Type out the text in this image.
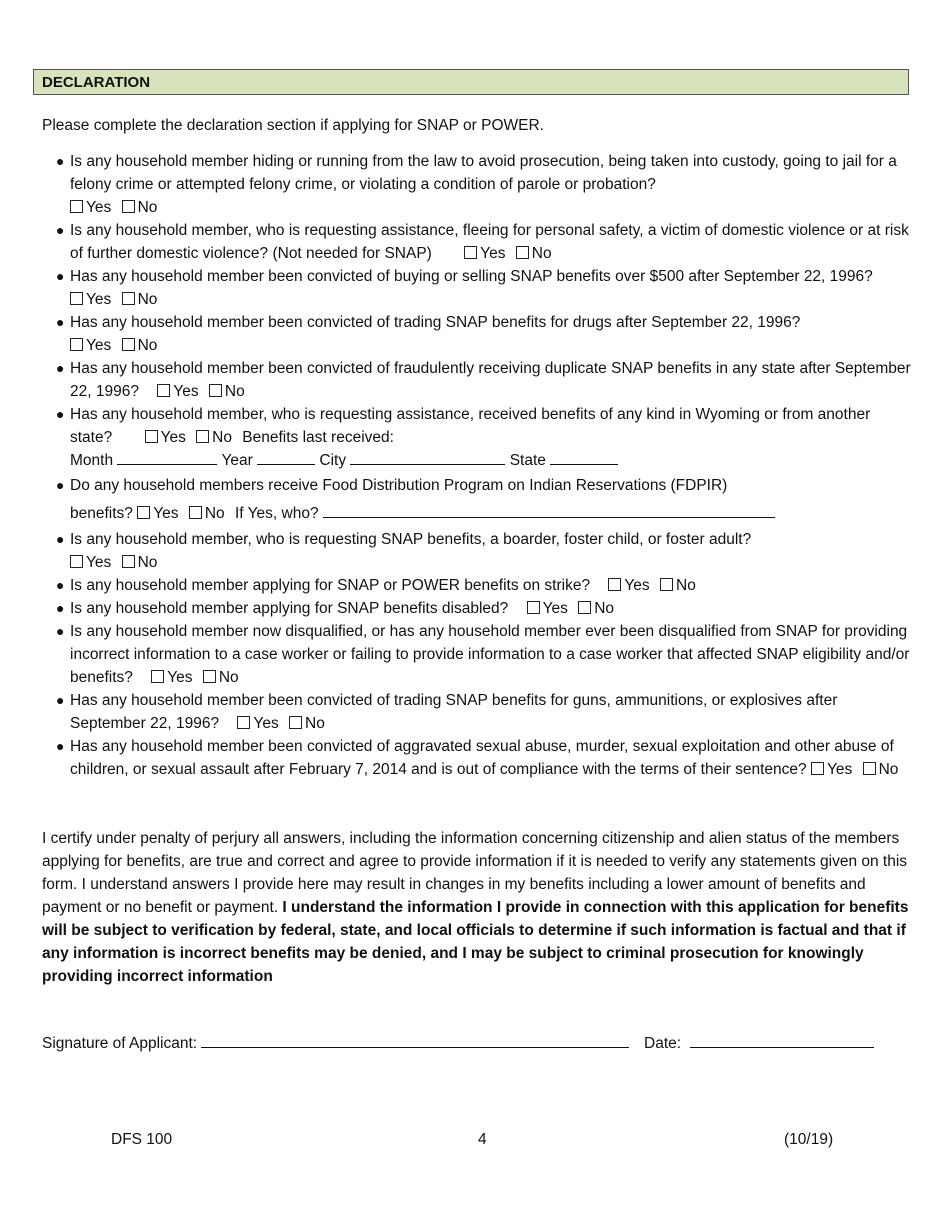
DECLARATION
Please complete the declaration section if applying for SNAP or POWER.
● Is any household member hiding or running from the law to avoid prosecution, being taken into custody, going to jail for a felony crime or attempted felony crime, or violating a condition of parole or probation?
Yes No
● Is any household member, who is requesting assistance, fleeing for personal safety, a victim of domestic violence or at risk of further domestic violence? (Not needed for SNAP)	Yes No
● Has any household member been convicted of buying or selling SNAP benefits over $500 after September 22, 1996? Yes No
● Has any household member been convicted of trading SNAP benefits for drugs after September 22, 1996?
Yes No
● Has any household member been convicted of fraudulently receiving duplicate SNAP benefits in any state after September 22, 1996? Yes No
● Has any household member, who is requesting assistance, received benefits of any kind in Wyoming or from another state?	Yes No Benefits last received:
Month	Year	City	State
● Do any household members receive Food Distribution Program on Indian Reservations (FDPIR)
benefits? Yes No If Yes, who?
● Is any household member, who is requesting SNAP benefits, a boarder, foster child, or foster adult?
Yes No
● Is any household member applying for SNAP or POWER benefits on strike? Yes No
● Is any household member applying for SNAP benefits disabled? Yes No
● Is any household member now disqualified, or has any household member ever been disqualified from SNAP for providing incorrect information to a case worker or failing to provide information to a case worker that affected SNAP eligibility and/or benefits? Yes No
● Has any household member been convicted of trading SNAP benefits for guns, ammunitions, or explosives after September 22, 1996? Yes No
● Has any household member been convicted of aggravated sexual abuse, murder, sexual exploitation and other abuse of children, or sexual assault after February 7, 2014 and is out of compliance with the terms of their sentence? Yes No
I certify under penalty of perjury all answers, including the information concerning citizenship and alien status of the members applying for benefits, are true and correct and agree to provide information if it is needed to verify any statements given on this form. I understand answers I provide here may result in changes in my benefits including a lower amount of benefits and payment or no benefit or payment. I understand the information I provide in connection with this application for benefits will be subject to verification by federal, state, and local officials to determine if such information is factual and that if any information is incorrect benefits may be denied, and I may be subject to criminal prosecution for knowingly providing incorrect information
Signature of Applicant:	Date:
DFS 100	4	(10/19)
